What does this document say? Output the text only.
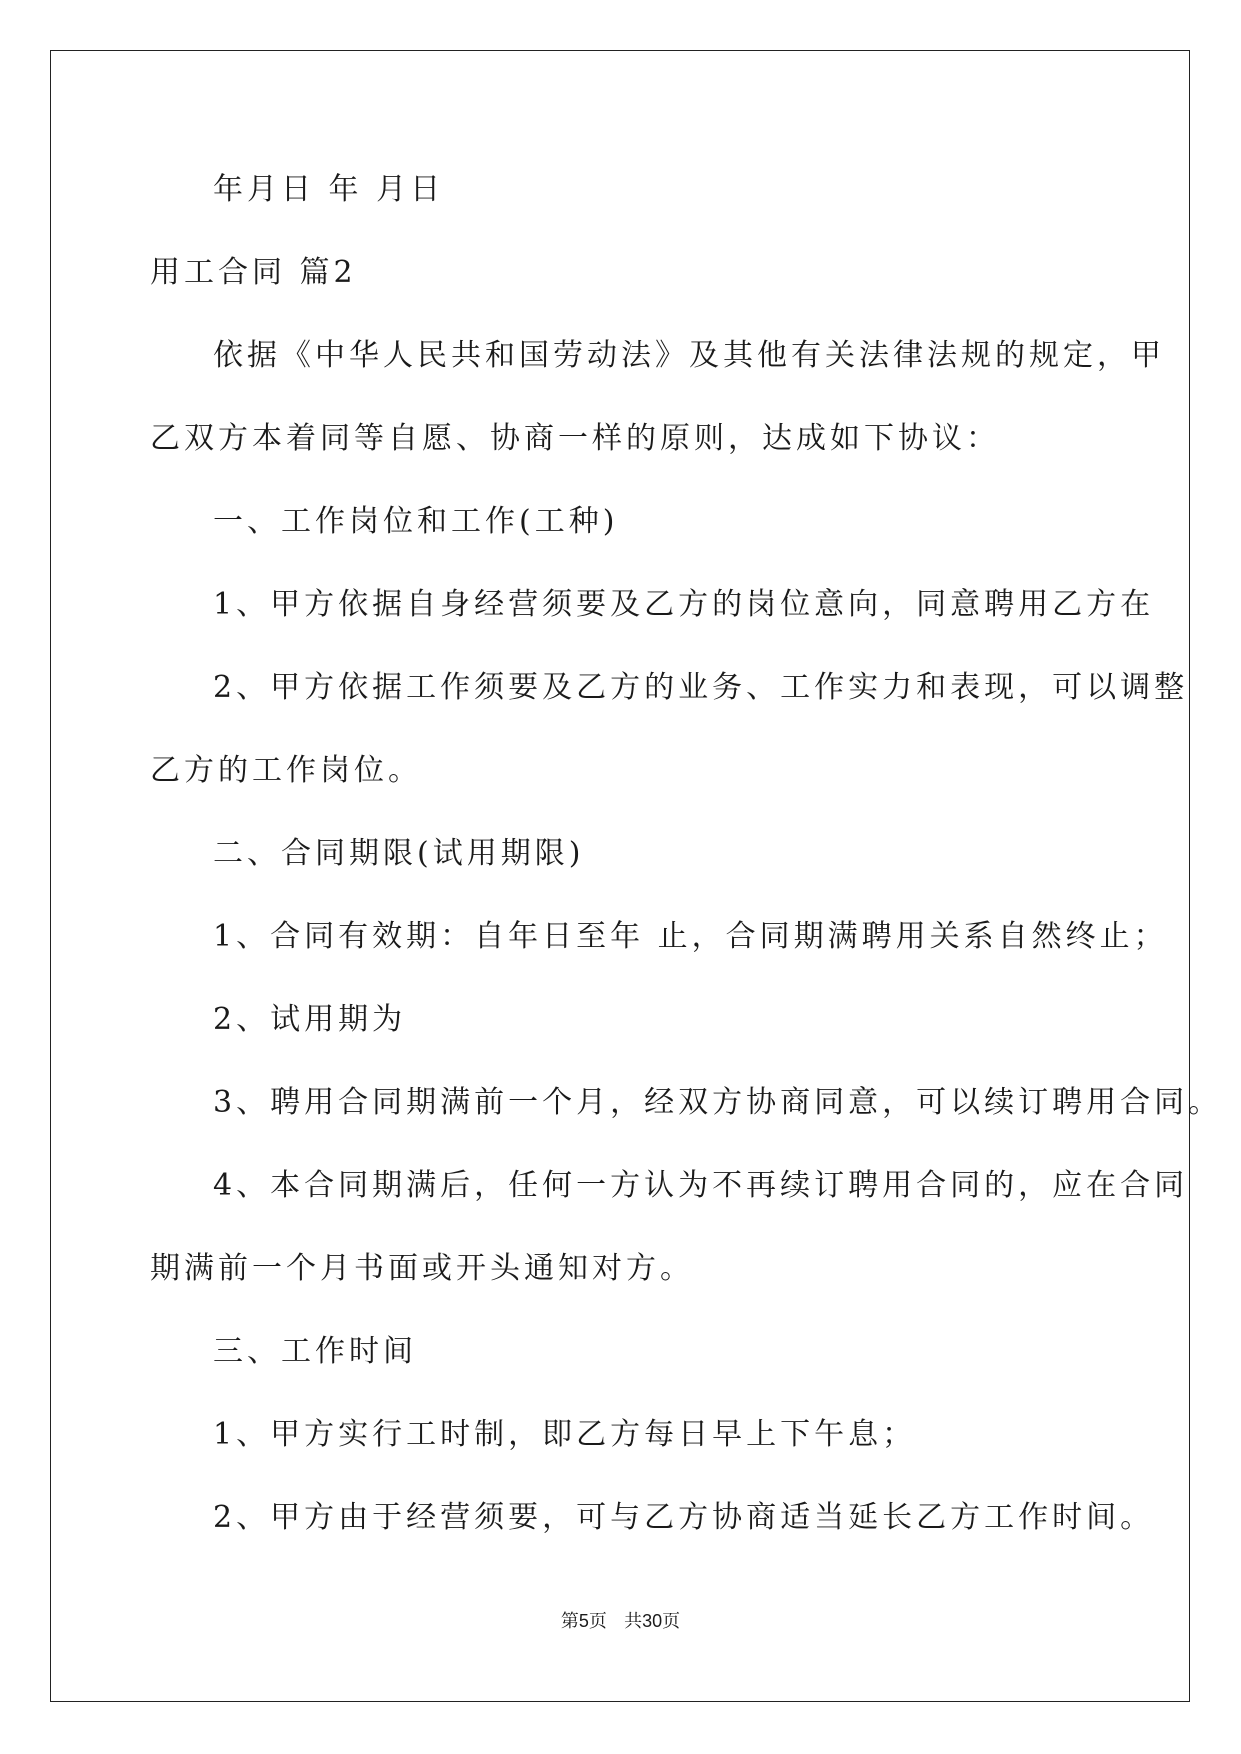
年月日 年 月日
用工合同 篇2
依据《中华人民共和国劳动法》及其他有关法律法规的规定，甲
乙双方本着同等自愿、协商一样的原则，达成如下协议：
一、工作岗位和工作(工种)
1、甲方依据自身经营须要及乙方的岗位意向，同意聘用乙方在
2、甲方依据工作须要及乙方的业务、工作实力和表现，可以调整
乙方的工作岗位。
二、合同期限(试用期限)
1、合同有效期：自年日至年 止，合同期满聘用关系自然终止；
2、试用期为
3、聘用合同期满前一个月，经双方协商同意，可以续订聘用合同。
4、本合同期满后，任何一方认为不再续订聘用合同的，应在合同
期满前一个月书面或开头通知对方。
三、工作时间
1、甲方实行工时制，即乙方每日早上下午息；
2、甲方由于经营须要，可与乙方协商适当延长乙方工作时间。
第5页 共30页
